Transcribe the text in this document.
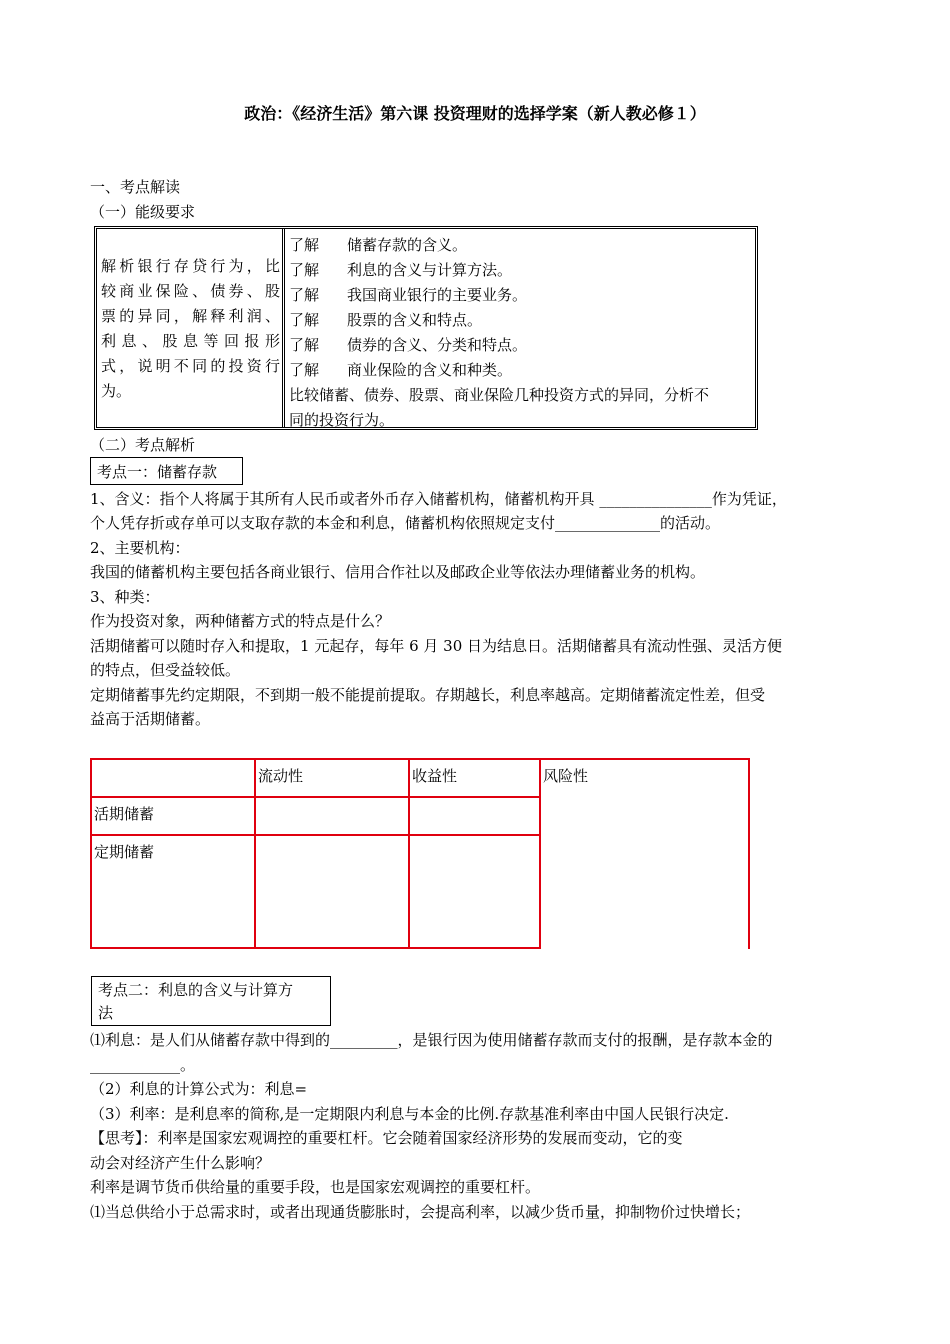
政治：《经济生活》第六课 投资理财的选择学案（新人教必修１）
一、考点解读
（一）能级要求
解析银行存贷行为，比
较商业保险、债券、股
票的异同，解释利润、
利 息 、 股 息 等 回 报 形
式，说明不同的投资行
为。
了解 储蓄存款的含义。
了解 利息的含义与计算方法。
了解 我国商业银行的主要业务。
了解 股票的含义和特点。
了解 债券的含义、分类和特点。
了解 商业保险的含义和种类。
比较储蓄、债券、股票、商业保险几种投资方式的异同，分析不
同的投资行为。
（二）考点解析
考点一：储蓄存款
1、含义：指个人将属于其所有人民币或者外币存入储蓄机构，储蓄机构开具 _______________作为凭证，
个人凭存折或存单可以支取存款的本金和利息，储蓄机构依照规定支付______________的活动。
2、主要机构：
我国的储蓄机构主要包括各商业银行、信用合作社以及邮政企业等依法办理储蓄业务的机构。
3、种类：
作为投资对象，两种储蓄方式的特点是什么？
活期储蓄可以随时存入和提取，1 元起存，每年 6 月 30 日为结息日。活期储蓄具有流动性强、灵活方便
的特点，但受益较低。
定期储蓄事先约定期限，不到期一般不能提前提取。存期越长，利息率越高。定期储蓄流定性差，但受
益高于活期储蓄。
流动性	收益性	风险性
活期储蓄
定期储蓄
考点二：利息的含义与计算方
法
⑴利息：是人们从储蓄存款中得到的_________，是银行因为使用储蓄存款而支付的报酬，是存款本金的
____________。
（2）利息的计算公式为：利息=
（3）利率：是利息率的简称,是一定期限内利息与本金的比例.存款基准利率由中国人民银行决定.
【思考】：利率是国家宏观调控的重要杠杆。它会随着国家经济形势的发展而变动，它的变
动会对经济产生什么影响？
利率是调节货币供给量的重要手段，也是国家宏观调控的重要杠杆。
⑴当总供给小于总需求时，或者出现通货膨胀时，会提高利率，以减少货币量，抑制物价过快增长；
